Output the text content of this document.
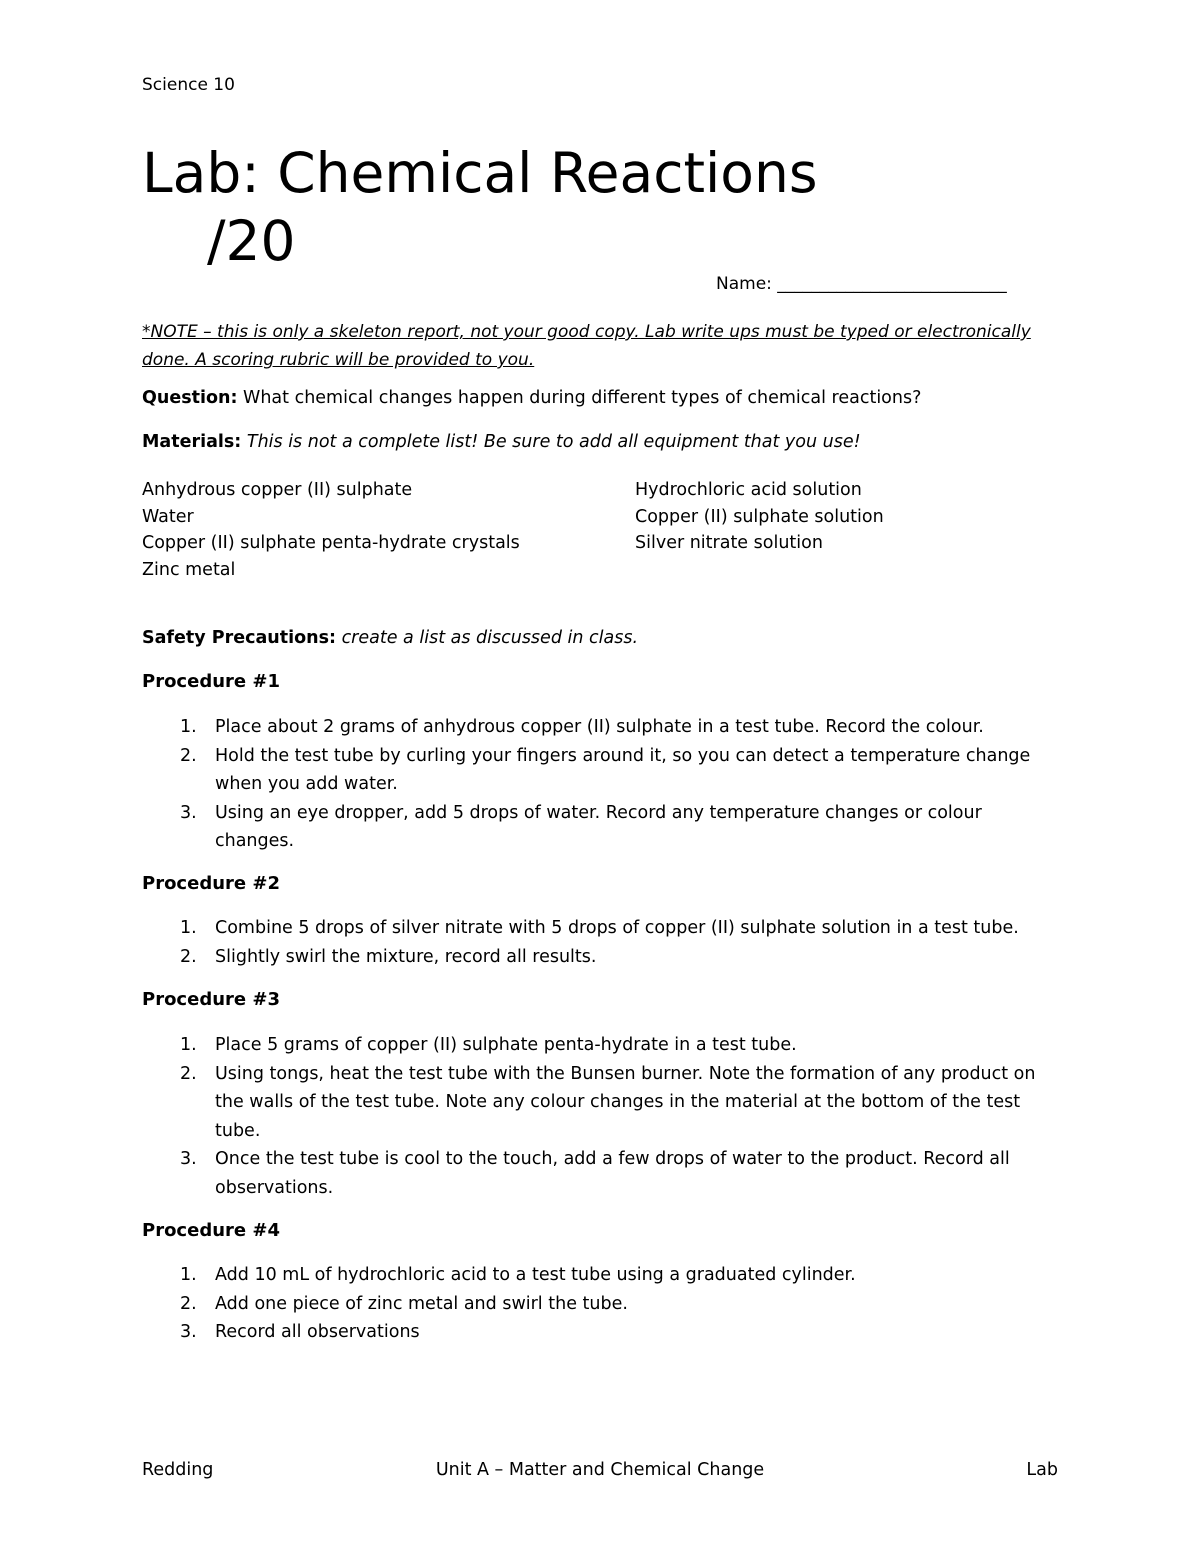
Science 10
Lab: Chemical Reactions
/20
Name: ___________________________
*NOTE – this is only a skeleton report, not your good copy. Lab write ups must be typed or electronically done. A scoring rubric will be provided to you.
Question: What chemical changes happen during different types of chemical reactions?
Materials: This is not a complete list! Be sure to add all equipment that you use!
Anhydrous copper (II) sulphate
Water
Copper (II) sulphate penta-hydrate crystals
Zinc metal
Hydrochloric acid solution
Copper (II) sulphate solution
Silver nitrate solution
Safety Precautions: create a list as discussed in class.
Procedure #1
1. Place about 2 grams of anhydrous copper (II) sulphate in a test tube. Record the colour.
2. Hold the test tube by curling your fingers around it, so you can detect a temperature change when you add water.
3. Using an eye dropper, add 5 drops of water. Record any temperature changes or colour changes.
Procedure #2
1. Combine 5 drops of silver nitrate with 5 drops of copper (II) sulphate solution in a test tube.
2. Slightly swirl the mixture, record all results.
Procedure #3
1. Place 5 grams of copper (II) sulphate penta-hydrate in a test tube.
2. Using tongs, heat the test tube with the Bunsen burner. Note the formation of any product on the walls of the test tube. Note any colour changes in the material at the bottom of the test tube.
3. Once the test tube is cool to the touch, add a few drops of water to the product. Record all observations.
Procedure #4
1. Add 10 mL of hydrochloric acid to a test tube using a graduated cylinder.
2. Add one piece of zinc metal and swirl the tube.
3. Record all observations
Redding	Unit A – Matter and Chemical Change	Lab
